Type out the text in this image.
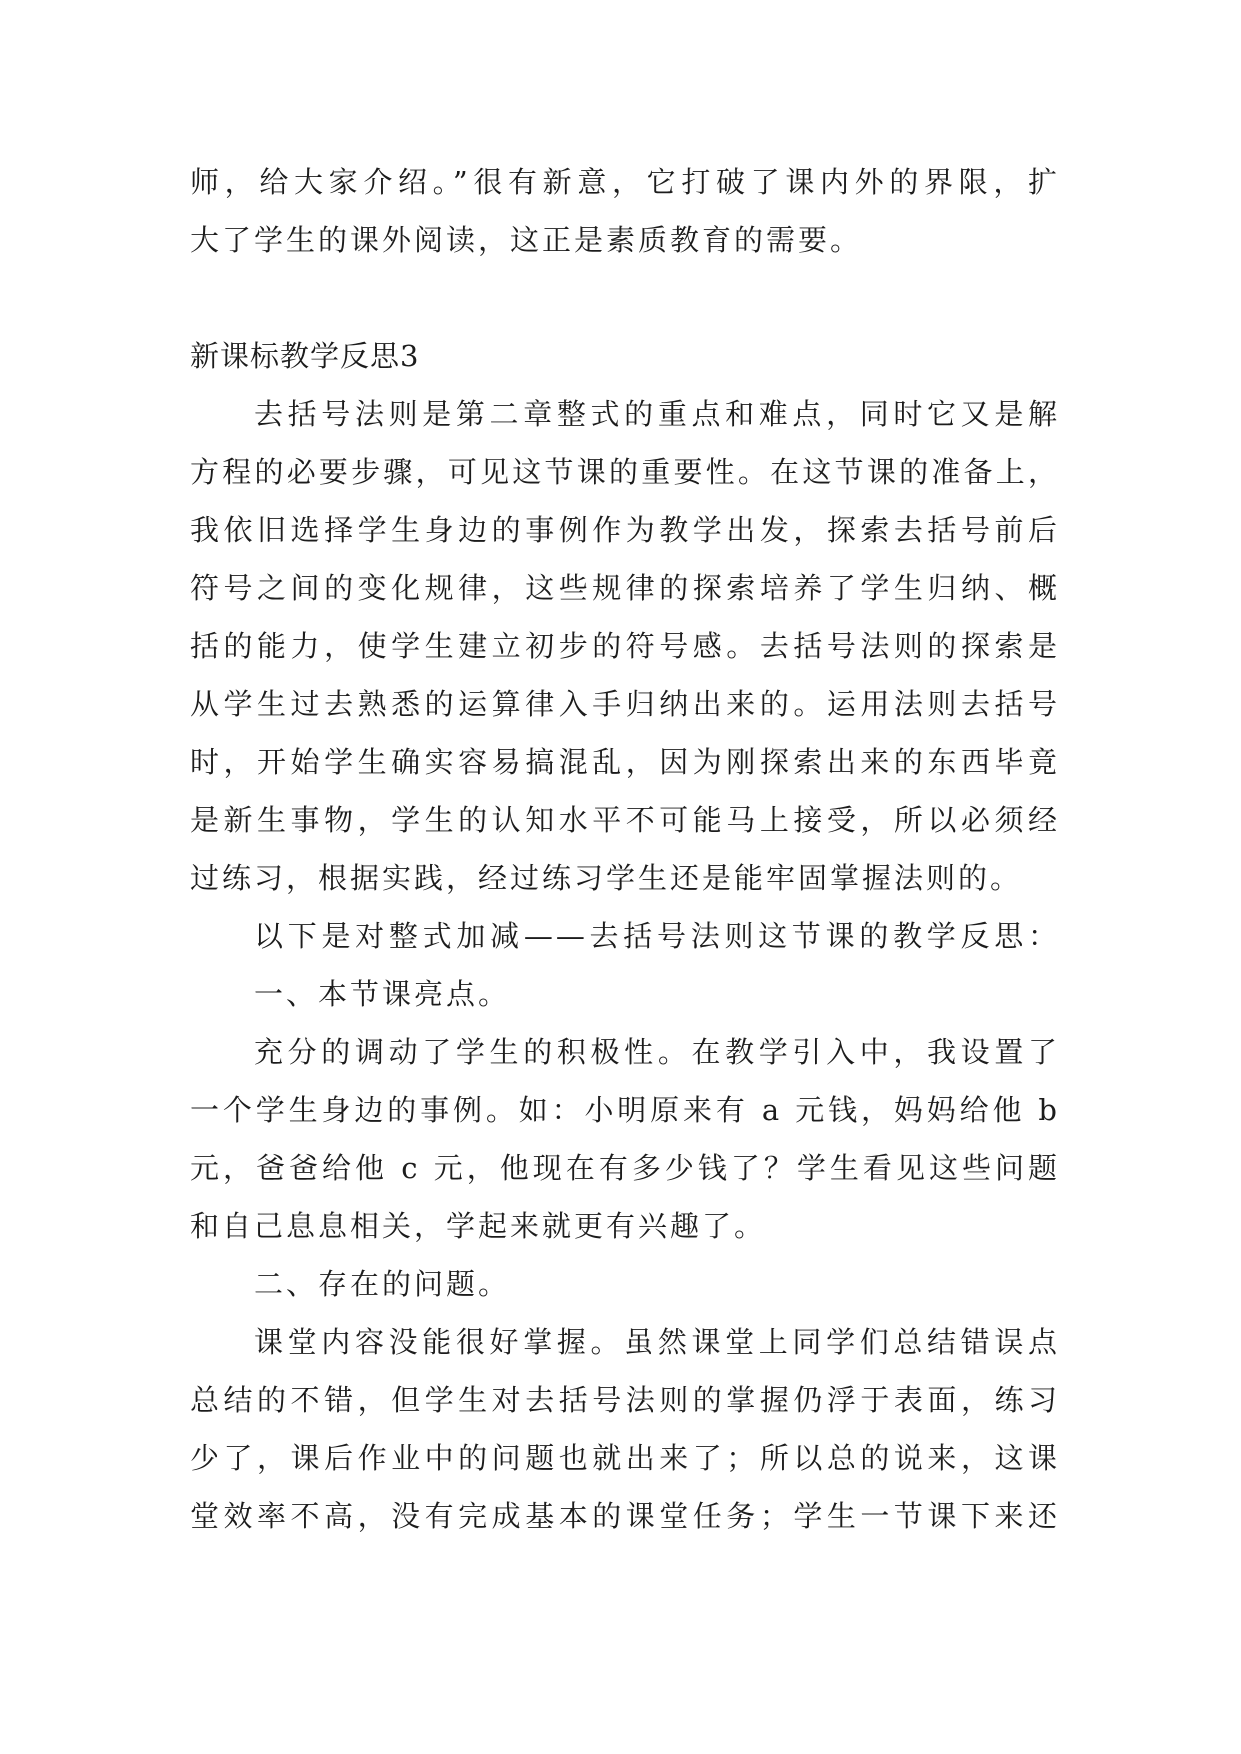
师，给大家介绍。”很有新意，它打破了课内外的界限，扩
大了学生的课外阅读，这正是素质教育的需要。
新课标教学反思3
去括号法则是第二章整式的重点和难点，同时它又是解
方程的必要步骤，可见这节课的重要性。在这节课的准备上，
我依旧选择学生身边的事例作为教学出发，探索去括号前后
符号之间的变化规律，这些规律的探索培养了学生归纳、概
括的能力，使学生建立初步的符号感。去括号法则的探索是
从学生过去熟悉的运算律入手归纳出来的。运用法则去括号
时，开始学生确实容易搞混乱，因为刚探索出来的东西毕竟
是新生事物，学生的认知水平不可能马上接受，所以必须经
过练习，根据实践，经过练习学生还是能牢固掌握法则的。
以下是对整式加减——去括号法则这节课的教学反思：
一、本节课亮点。
充分的调动了学生的积极性。在教学引入中，我设置了
一个学生身边的事例。如：小明原来有 a 元钱，妈妈给他 b
元，爸爸给他 c 元，他现在有多少钱了？学生看见这些问题
和自己息息相关，学起来就更有兴趣了。
二、存在的问题。
课堂内容没能很好掌握。虽然课堂上同学们总结错误点
总结的不错，但学生对去括号法则的掌握仍浮于表面，练习
少了，课后作业中的问题也就出来了；所以总的说来，这课
堂效率不高，没有完成基本的课堂任务；学生一节课下来还
